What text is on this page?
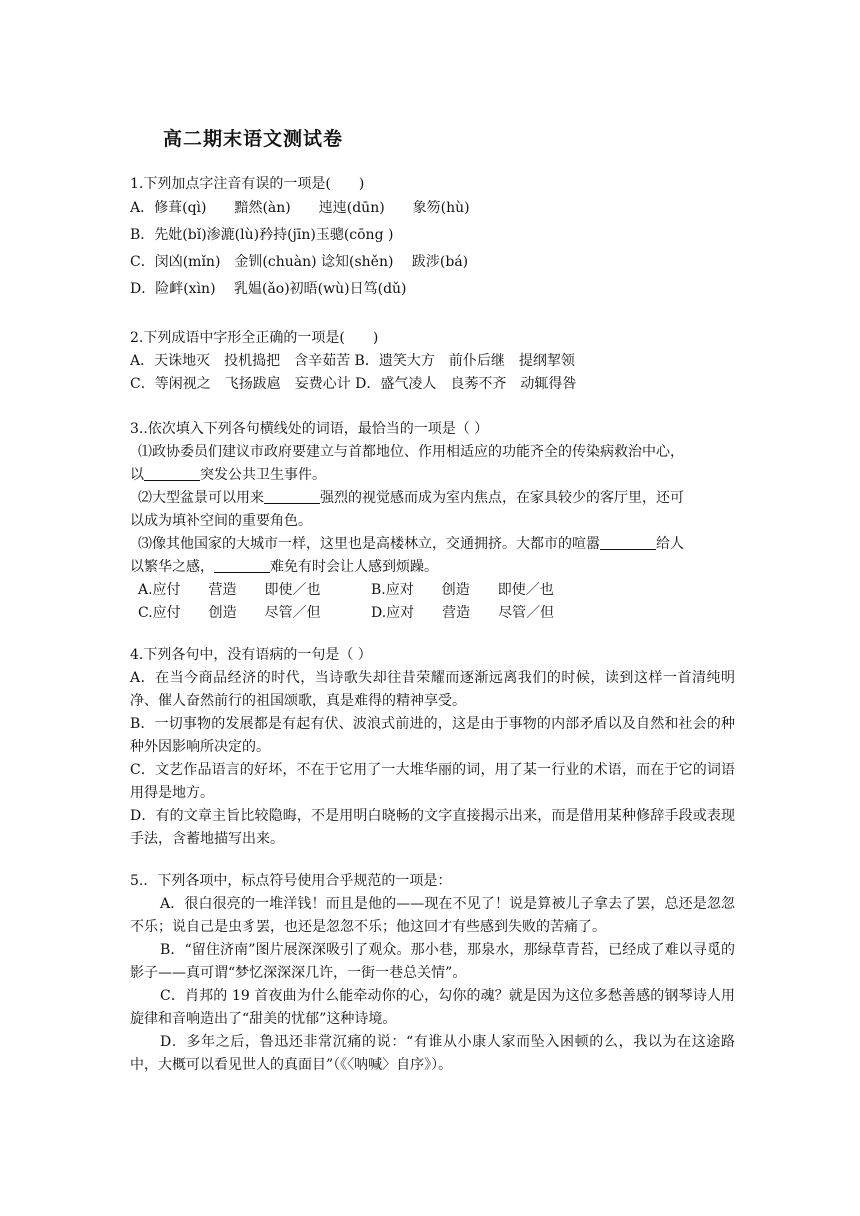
高二期末语文测试卷
1.下列加点字注音有误的一项是(　　)
A．修葺(qì)　　黯然(àn)　　迍迍(dūn)　　象笏(hù)
B．先妣(bǐ)渗漉(lù)矜持(jīn)玉骢(cōng )
C．闵凶(mǐn)　金钏(chuàn) 谂知(shěn)　 跋涉(bá)
D．险衅(xìn)　 乳媪(ǎo)初晤(wù)日笃(dǔ)
2.下列成语中字形全正确的一项是(　　)
A．天诛地灭　投机捣把　含辛茹苦 B．遗笑大方　前仆后继　提纲挈领
C．等闲视之　飞扬跋扈　妄费心计 D．盛气凌人　良莠不齐　动辄得咎
3..依次填入下列各句横线处的词语，最恰当的一项是（ ）
⑴政协委员们建议市政府要建立与首都地位、作用相适应的功能齐全的传染病救治中心，
以	突发公共卫生事件。
⑵大型盆景可以用来	强烈的视觉感而成为室内焦点，在家具较少的客厅里，还可
以成为填补空间的重要角色。
⑶像其他国家的大城市一样，这里也是高楼林立，交通拥挤。大都市的喧嚣	给人
以繁华之感，	难免有时会让人感到烦躁。
A.应付　　营造　　即使／也	B.应对　　创造　　即使／也
C.应付　　创造　　尽管／但	D.应对　　营造　　尽管／但
4.下列各句中，没有语病的一句是（ ）
A．在当今商品经济的时代，当诗歌失却往昔荣耀而逐渐远离我们的时候，读到这样一首清纯明净、催人奋然前行的祖国颂歌，真是难得的精神享受。
B．一切事物的发展都是有起有伏、波浪式前进的，这是由于事物的内部矛盾以及自然和社会的种种外因影响所决定的。
C．文艺作品语言的好坏，不在于它用了一大堆华丽的词，用了某一行业的术语，而在于它的词语用得是地方。
D．有的文章主旨比较隐晦，不是用明白晓畅的文字直接揭示出来，而是借用某种修辞手段或表现手法，含蓄地描写出来。
5.．下列各项中，标点符号使用合乎规范的一项是：
A．很白很亮的一堆洋钱！而且是他的——现在不见了！说是算被儿子拿去了罢，总还是忽忽不乐；说自己是虫豸罢，也还是忽忽不乐；他这回才有些感到失败的苦痛了。
B．“留住济南”图片展深深吸引了观众。那小巷，那泉水，那绿草青苔，已经成了难以寻觅的影子——真可谓“梦忆深深深几许，一街一巷总关情”。
C．肖邦的 19 首夜曲为什么能牵动你的心，勾你的魂？就是因为这位多愁善感的钢琴诗人用旋律和音响造出了“甜美的忧郁”这种诗境。
D．多年之后，鲁迅还非常沉痛的说：“有谁从小康人家而坠入困顿的么，我以为在这途路中，大概可以看见世人的真面目”（《〈呐喊〉自序》）。
